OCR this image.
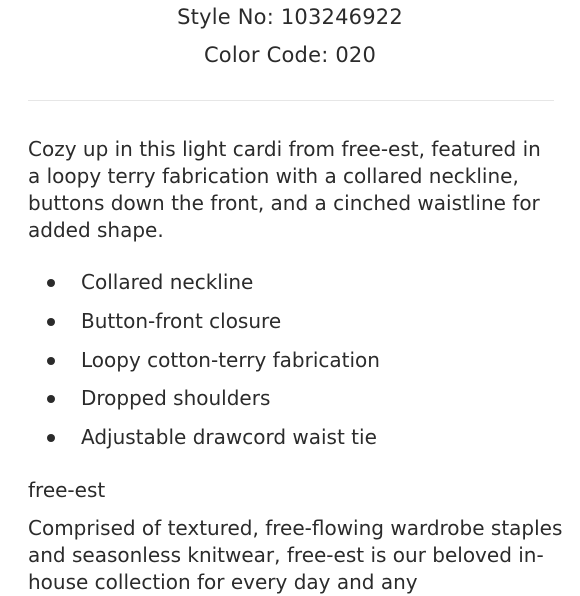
Style No: 103246922
Color Code: 020

Cozy up in this light cardi from free-est, featured in a loopy terry fabrication with a collared neckline, buttons down the front, and a cinched waistline for added shape.

Collared neckline
Button-front closure
Loopy cotton-terry fabrication
Dropped shoulders
Adjustable drawcord waist tie

free-est

Comprised of textured, free-flowing wardrobe staples and seasonless knitwear, free-est is our beloved in-house collection for every day and any
